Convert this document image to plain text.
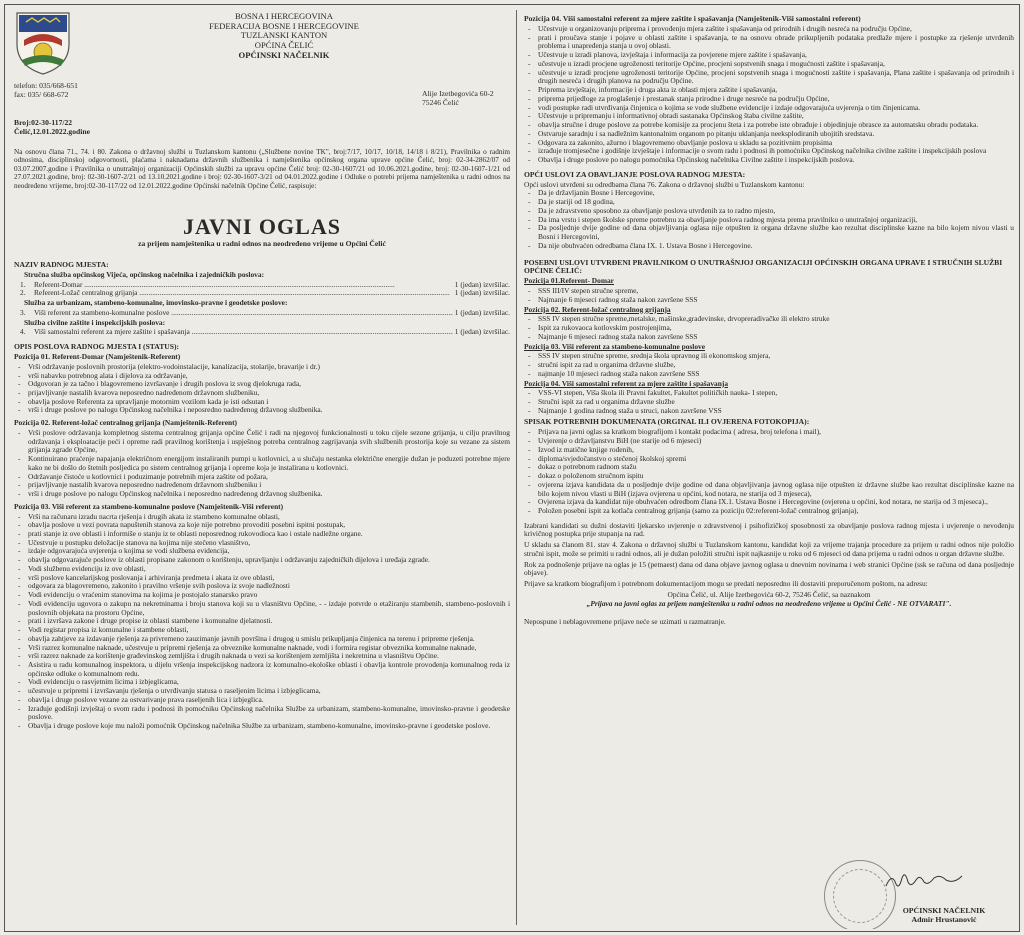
BOSNA I HERCEGOVINA
FEDERACIJA BOSNE I HERCEGOVINE
TUZLANSKI KANTON
OPĆINA ČELIĆ
OPĆINSKI NAČELNIK
telefon: 035/668-651
fax: 035/ 668-672	Alije Izetbegovića 60-2
75246 Čelić
Broj:02-30-117/22
Čelić,12.01.2022.godine
Na osnovu člana 71., 74. i 80. Zakona o državnoj službi u Tuzlanskom kantonu („Službene novine TK", broj:7/17, 10/17, 10/18, 14/18 i 8/21), Pravilnika o radnim odnosima, disciplinskoj odgovornosti, plaćama i naknadama državnih službenika i namještenika općinskog organa uprave općine Čelić, broj: 02-34-2862/07 od 03.07.2007.godine i Pravilnika o unutrašnjoj organizaciji Općinskih službi za upravu općine Čelić broj: 02-30-1607/21 od 10.06.2021.godine, broj: 02-30-1607-1/21 od 27.07.2021.godine, broj: 02-30-1607-2/21 od 13.10.2021.godine i broj: 02-30-1607-3/21 od 04.01.2022.godine i Odluke o potrebi prijema namještenika u radni odnos na neodređeno vrijeme, broj:02-30-117/22 od 12.01.2022.godine Općinski načelnik Općine Čelić, raspisuje:
JAVNI OGLAS
za prijem namještenika u radni odnos na neodređeno vrijeme u Općini Čelić
NAZIV RADNOG MJESTA:
Stručna služba općinskog Vijeća, općinskog načelnika i zajedničkih poslova:
1.	Referent-Domar .....	1 (jedan) izvršilac.
2.	Referent-Ložač centralnog grijanja .....	1 (jedan) izvršilac.
Služba za urbanizam, stambeno-komunalne, imovinsko-pravne i geodetske poslove:
3.	Viši referent za stambeno-komunalne poslove .....	1 (jedan) izvršilac.
Služba civilne zaštite i inspekcijskih poslova:
4.	Viši samostalni referent za mjere zaštite i spašavanja .....	1 (jedan) izvršilac.
OPIS POSLOVA RADNOG MJESTA I (STATUS):
Pozicija 01. Referent-Domar (Namještenik-Referent)
- Vrši održavanje poslovnih prostorija (elektro-vodoinstalacije, kanalizacija, stolarije, bravarije i dr.)
- vrši nabavku potrebnog alata i dijelova za održavanje,
- Odgovoran je za tačno i blagovremeno izvršavanje i drugih poslova iz svog djelokruga rada,
- prijavljivanje nastalih kvarova neposredno nadređenom državnom službeniku,
- obavlja poslove Referenta za upravljanje motornim vozilom kada je isti odsutan i
- vrši i druge poslove po nalogu Općinskog načelnika i neposredno nadređenog državnog službenika.
Pozicija 02. Referent-ložač centralnog grijanja (Namještenik-Referent)
- Vrši poslove održavanja kompletnog sistema centralnog grijanja općine Čelić i radi na njegovoj funkcionalnosti u toku cijele sezone grijanja, u cilju pravilnog održavanja i eksploatacije peći i opreme radi pravilnog korištenja i uspješnog potreba centralnog zagrijavanja svih službenih prostorija koje su vezane za sistem grijanja zgrade Općine,
- Kontinuirano praćenje napajanja električnom energijom instaliranih pumpi u kotlovnici, a u slučaju nestanka električne energije dužan je poduzeti potrebne mjere kako ne bi došlo do štetnih posljedica po sistem centralnog grijanja i opreme koja je instalirana u kotlovnici.
- Održavanje čistoće u kotlovnici i poduzimanje potrebnih mjera zaštite od požara,
- prijavljivanje nastalih kvarova neposredno nadređenom državnom službeniku i
- vrši i druge poslove po nalogu Općinskog načelnika i neposredno nadređenog državnog službenika.
Pozicija 03. Viši referent za stambeno-komunalne poslove (Namještenik-Viši referent)
- Vrši na računaru izradu nacrta rješenja i drugih akata iz stambeno komunalne oblasti,
- obavlja poslove u vezi povrata napuštenih stanova za koje nije potrebno provoditi posebni ispitni postupak,
- prati stanje iz ove oblasti i informiše o stanju iz te oblasti neposrednog rukovodioca kao i ostale nadležne organe.
- Učestvuje u postupku deložacije stanova na kojima nije stečeno vlasništvo,
- izdaje odgovarajuća uvjerenja o kojima se vodi službena evidencija,
- obavlja odgovarajuće poslove iz oblasti propisane zakonom o korištenju, upravljanju i održavanju zajedničkih dijelova i uređaja zgrade.
- Vodi službenu evidenciju iz ove oblasti,
- vrši poslove kancelarijskog poslovanja i arhiviranja predmeta i akata iz ove oblasti,
- odgovara za blagovremeno, zakonito i pravilno vršenje svih poslova iz svoje nadležnosti
- Vodi evidenciju o vraćenim stanovima na kojima je postojalo stanarsko pravo
- Vodi evidenciju ugovora o zakupu na nekretninama i broju stanova koji su u vlasništvu Općine, - - izdaje potvrde o etažiranju stambenih, stambeno-poslovnih i poslovnih objekata na prostoru Općine,
- prati i izvršava zakone i druge propise iz oblasti stambene i komunalne djelatnosti.
- Vodi registar propisa iz komunalne i stambene oblasti,
- obavlja zahtjeve za izdavanje rješenja za privremeno zauzimanje javnih površina i drugog u smislu prikupljanja činjenica na terenu i pripreme rješenja.
- Vrši razrez komunalne naknade, učestvuje u pripremi rješenja za obveznike komunalne naknade, vodi i formira registar obveznika komunalne naknade,
- vrši razrez naknade za korištenje građevinskog zemljišta i drugih naknada u vezi sa korištenjem zemljišta i nekretnina u vlasništvu Općine.
- Asistira u radu komunalnog inspektora, u dijelu vršenja inspekcijskog nadzora iz komunalno-ekološke oblasti i obavlja kontrole provođenja komunalnog reda iz općinske odluke o komunalnom redu.
- Vodi evidenciju o rasvjetnim licima i izbjeglicama,
- učestvuje u pripremi i izvršavanju rješenja o utvrđivanju statusa o raseljenim licima i izbjeglicama,
- obavlja i druge poslove vezane za ostvarivanje prava raseljenih lica i izbjeglica.
- Izrađuje godišnji izvještaj o svom radu i podnosi ih pomoćniku Općinskog načelnika Službe za urbanizam, stambeno-komunalne, imovinsko-pravne i geodetske poslove.
- Obavlja i druge poslove koje mu naloži pomoćnik Općinskog načelnika Službe za urbanizam, stambeno-komunalne, imovinsko-pravne i geodetske poslove.
Pozicija 04. Viši samostalni referent za mjere zaštite i spašavanja (Namještenik-Viši samostalni referent)
- Učestvuje u organizovanju priprema i provođenju mjera zaštite i spašavanja od prirodnih i drugih nesreća na području Općine,
- prati i proučava stanje i pojave u oblasti zaštite i spašavanja, te na osnovu obrade prikupljenih podataka predlaže mjere i postupke za rješenje utvrđenih problema i unapređenja stanja u ovoj oblasti.
- Učestvuje u izradi planova, izvještaja i informacija za povjerene mjere zaštite i spašavanja,
- učestvuje u izradi procjene ugroženosti teritorije Općine, procjeni sopstvenih snaga i mogućnosti zaštite i spašavanja,
- učestvuje u izradi procjene ugroženosti teritorije Općine, procjeni sopstvenih snaga i mogućnosti zaštite i spašavanja, Plana zaštite i spašavanja od prirodnih i drugih nesreća i drugih planova na području Općine.
- Priprema izvještaje, informacije i druga akta iz oblasti mjera zaštite i spašavanja,
- priprema prijedloge za proglašenje i prestanak stanja prirodne i druge nesreće na području Općine,
- vodi postupke radi utvrđivanja činjenica o kojima se vode službene evidencije i izdaje odgovarajuća uvjerenja o tim činjenicama.
- Učestvuje u pripremanju i informativnoj obradi sastanaka Općinskog štaba civilne zaštite,
- obavlja stručne i druge poslove za potrebe komisije za procjenu šteta i za potrebe iste obrađuje i objedinjuje obrasce za automatsku obradu podataka.
- Ostvaruje saradnju i sa nadležnim kantonalnim organom po pitanju uklanjanja neeksplodiranih ubojitih sredstava.
- Odgovara za zakonito, ažurno i blagovremeno obavljanje poslova u skladu sa pozitivnim propisima
- izrađuje tromjesečne i godišnje izvještaje i informacije o svom radu i podnosi ih pomoćniku Općinskog načelnika civilne zaštite i inspekcijskih poslova
- Obavlja i druge poslove po nalogu pomoćnika Općinskog načelnika Civilne zaštite i inspekcijskih poslova.
OPĆI USLOVI ZA OBAVLJANJE POSLOVA RADNOG MJESTA:
Opći uslovi utvrđeni su odredbama člana 76. Zakona o državnoj službi u Tuzlanskom kantonu:
- Da je državljanin Bosne i Hercegovine,
- Da je stariji od 18 godina,
- Da je zdravstveno sposobno za obavljanje poslova utvrđenih za to radno mjesto,
- Da ima vrstu i stepen školske spreme potrebnu za obavljanje poslova radnog mjesta prema pravilniku o unutrašnjoj organizaciji,
- Da posljednje dvije godine od dana objavljivanja oglasa nije otpušten iz organa državne službe kao rezultat disciplinske kazne na bilo kojem nivou vlasti u Bosni i Hercegovini,
- Da nije obuhvaćen odredbama člana IX. 1. Ustava Bosne i Hercegovine.
POSEBNI USLOVI UTVRĐENI PRAVILNIKOM O UNUTRAŠNJOJ ORGANIZACIJI OPĆINSKIH ORGANA UPRAVE I STRUČNIH SLUŽBI OPĆINE ČELIĆ:
Pozicija 01.Referent- Domar
- SSS III/IV stepen stručne spreme,
- Najmanje 6 mjeseci radnog staža nakon završene SSS
Pozicija 02. Referent-ložač centralnog grijanja
- SSS IV stepen stručne spreme,metalske, mašinske,građevinske, drvopreradivačke ili elektro struke
- Ispit za rukovaoca kotlovskim postrojenjima,
- Najmanje 6 mjeseci radnog staža nakon završene SSS
Pozicija 03. Viši referent za stambeno-komunalne poslove
- SSS IV stepen stručne spreme, srednja škola upravnog ili ekonomskog smjera,
- stručni ispit za rad u organima državne službe,
- najmanje 10 mjeseci radnog staža nakon završene SSS
Pozicija 04. Viši samostalni referent za mjere zaštite i spašavanja
- VSS-VI stepen, Viša škola ili Pravni fakultet, Fakultet političkih nauka- I stepen,
- Stručni ispit za rad u organima državne službe
- Najmanje 1 godina radnog staža u struci, nakon završene VSS
SPISAK POTREBNIH DOKUMENATA (ORGINAL ILI OVJERENA FOTOKOPIJA):
- Prijava na javni oglas sa kratkom biografijom i kontakt podacima ( adresa, broj telefona i mail),
- Uvjerenje o državljanstvu BiH (ne starije od 6 mjeseci)
- Izvod iz matične knjige rođenih,
- diploma/svjedočanstvo o stečenoj školskoj spremi
- dokaz o potrebnom radnom stažu
- dokaz o položenom stručnom ispitu
- ovjerena izjava kandidata da u posljednje dvije godine od dana objavljivanja javnog oglasa nije otpušten iz državne službe kao rezultat disciplinske kazne na bilo kojem nivou vlasti u BiH (izjava ovjerena u općini, kod notara, ne starija od 3 mjeseca),
- Ovjerena izjava da kandidat nije obuhvaćen odredbom člana IX.1. Ustava Bosne i Hercegovine (ovjerena u općini, kod notara, ne starija od 3 mjeseca).,
- Položen posebni ispit za kotlača centralnog grijanja (samo za poziciju 02:referent-ložač centralnog grijanja),
Izabrani kandidati su dužni dostaviti ljekarsko uvjerenje o zdravstvenoj i psihofizičkoj sposobnosti za obavljanje poslova radnog mjesta i uvjerenje o nevođenju krivičnog postupka prije stupanja na rad.
U skladu sa članom 81. stav 4. Zakona o državnoj službi u Tuzlanskom kantonu, kandidat koji za vrijeme trajanja procedure za prijem u radni odnos nije položio stručni ispit, može se primiti u radni odnos, ali je dužan položiti stručni ispit najkasnije u roku od 6 mjeseci od dana prijema u radni odnos u organ državne službe.
Rok za podnošenje prijave na oglas je 15 (petnaest) dana od dana objave javnog oglasa u dnevnim novinama i web stranici Općine (ssk se računa od dana posljednje objave).
Prijave sa kratkom biografijom i potrebnom dokumentacijom mogu se predati neposredno ili dostaviti preporučenom poštom, na adresu:
Općina Čelić, ul. Alije Izetbegovića 60-2, 75246 Čelić, sa naznakom
„Prijava na javni oglas za prijem namještenika u radni odnos na neodređeno vrijeme u Općini Čelić - NE OTVARATI".
Nepospune i neblagovremene prijave neće se uzimati u razmatranje.
OPĆINSKI NAČELNIK
Admir Hrustanović
